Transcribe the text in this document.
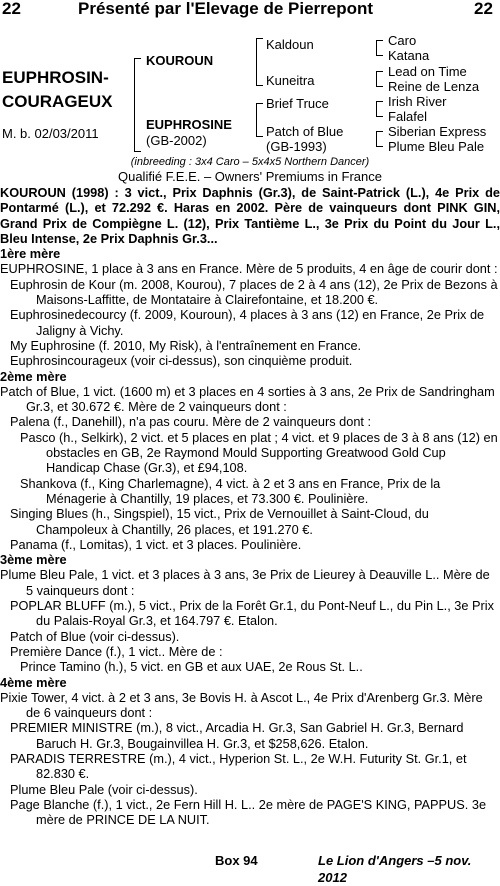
22	Présenté par l'Elevage de Pierrepont	22
EUPHROSIN-
COURAGEUX
M. b. 02/03/2011
KOUROUN
EUPHROSINE
(GB-2002)
Kaldoun
Kuneitra
Brief Truce
Patch of Blue
(GB-1993)
Caro
Katana
Lead on Time
Reine de Lenza
Irish River
Falafel
Siberian Express
Plume Bleu Pale
(inbreeding : 3x4 Caro – 5x4x5 Northern Dancer)
Qualifié F.E.E. – Owners' Premiums in France

KOUROUN (1998) : 3 vict., Prix Daphnis (Gr.3), de Saint-Patrick (L.), 4e Prix de Pontarmé (L.), et 72.292 €. Haras en 2002. Père de vainqueurs dont PINK GIN, Grand Prix de Compiègne L. (12), Prix Tantième L., 3e Prix du Point du Jour L., Bleu Intense, 2e Prix Daphnis Gr.3...

1ère mère

EUPHROSINE, 1 place à 3 ans en France. Mère de 5 produits, 4 en âge de courir dont :

Euphrosin de Kour (m. 2008, Kourou), 7 places de 2 à 4 ans (12), 2e Prix de Bezons à Maisons-Laffitte, de Montataire à Clairefontaine, et 18.200 €.

Euphrosinedecourcy (f. 2009, Kouroun), 4 places à 3 ans (12) en France, 2e Prix de Jaligny à Vichy.

My Euphrosine (f. 2010, My Risk), à l'entraînement en France.

Euphrosincourageux (voir ci-dessus), son cinquième produit.

2ème mère

Patch of Blue, 1 vict. (1600 m) et 3 places en 4 sorties à 3 ans, 2e Prix de Sandringham Gr.3, et 30.672 €. Mère de 2 vainqueurs dont :

Palena (f., Danehill), n'a pas couru. Mère de 2 vainqueurs dont :

Pasco (h., Selkirk), 2 vict. et 5 places en plat ; 4 vict. et 9 places de 3 à 8 ans (12) en obstacles en GB, 2e Raymond Mould Supporting Greatwood Gold Cup Handicap Chase (Gr.3), et £94,108.

Shankova (f., King Charlemagne), 4 vict. à 2 et 3 ans en France, Prix de la Ménagerie à Chantilly, 19 places, et 73.300 €. Poulinière.

Singing Blues (h., Singspiel), 15 vict., Prix de Vernouillet à Saint-Cloud, du Champoleux à Chantilly, 26 places, et 191.270 €.

Panama (f., Lomitas), 1 vict. et 3 places. Poulinière.

3ème mère

Plume Bleu Pale, 1 vict. et 3 places à 3 ans, 3e Prix de Lieurey à Deauville L.. Mère de 5 vainqueurs dont :

POPLAR BLUFF (m.), 5 vict., Prix de la Forêt Gr.1, du Pont-Neuf L., du Pin L., 3e Prix du Palais-Royal Gr.3, et 164.797 €. Etalon.

Patch of Blue (voir ci-dessus).

Première Dance (f.), 1 vict.. Mère de :

Prince Tamino (h.), 5 vict. en GB et aux UAE, 2e Rous St. L..

4ème mère

Pixie Tower, 4 vict. à 2 et 3 ans, 3e Bovis H. à Ascot L., 4e Prix d'Arenberg Gr.3. Mère de 6 vainqueurs dont :

PREMIER MINISTRE (m.), 8 vict., Arcadia H. Gr.3, San Gabriel H. Gr.3, Bernard Baruch H. Gr.3, Bougainvillea H. Gr.3, et $258,626. Etalon.

PARADIS TERRESTRE (m.), 4 vict., Hyperion St. L., 2e W.H. Futurity St. Gr.1, et 82.830 €.

Plume Bleu Pale (voir ci-dessus).

Page Blanche (f.), 1 vict., 2e Fern Hill H. L.. 2e mère de PAGE'S KING, PAPPUS. 3e mère de PRINCE DE LA NUIT.

Box 94	Le Lion d'Angers –5 nov. 2012
